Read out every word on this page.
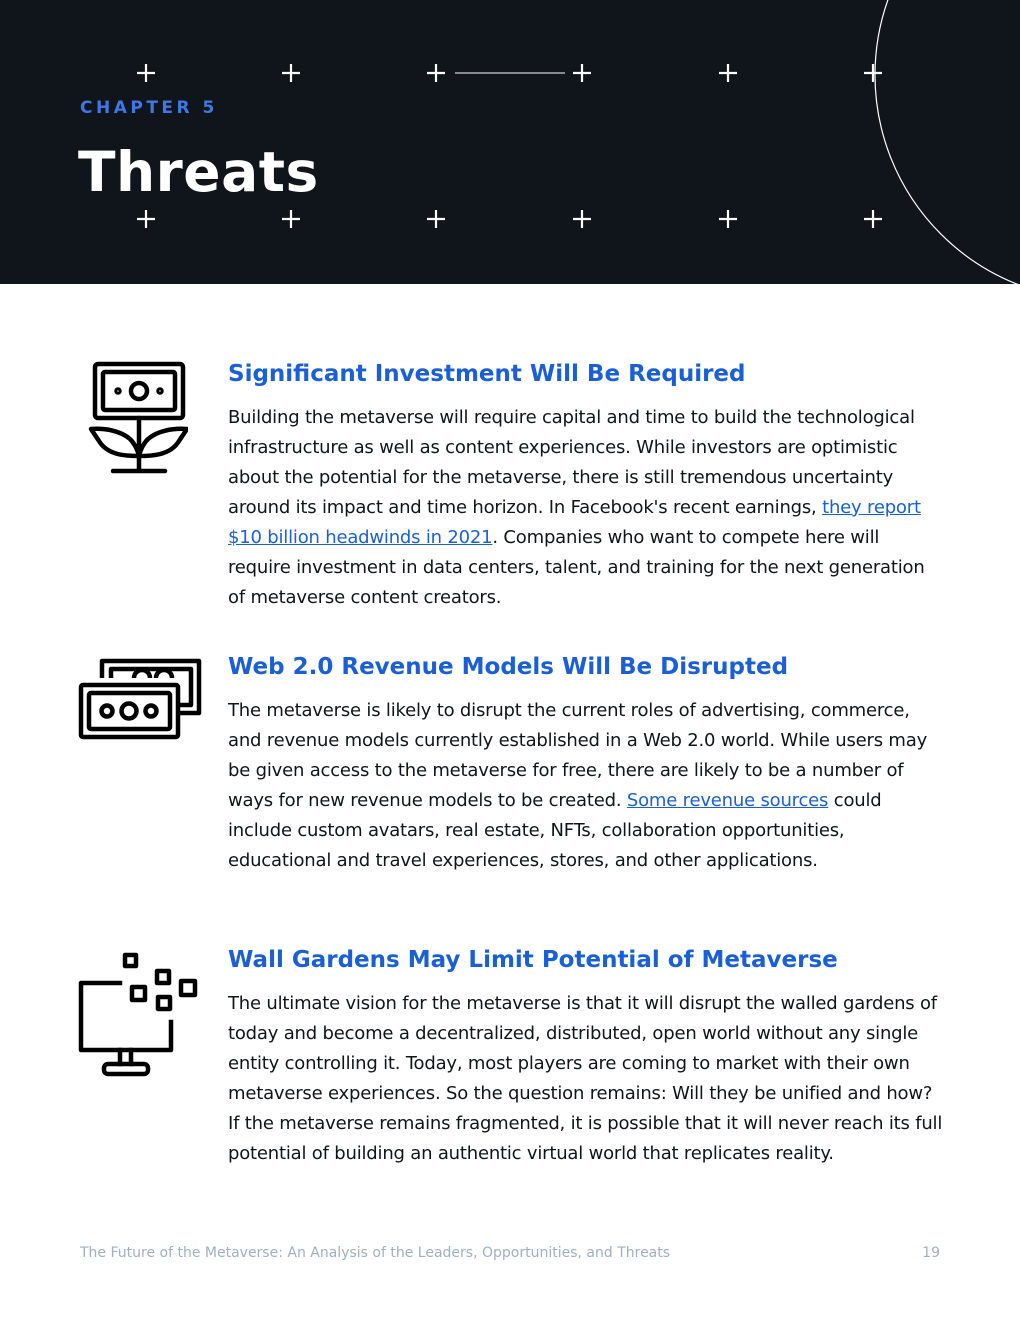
CHAPTER 5
Threats
Significant Investment Will Be Required

Building the metaverse will require capital and time to build the technological infrastructure as well as content experiences. While investors are optimistic about the potential for the metaverse, there is still tremendous uncertainty around its impact and time horizon. In Facebook's recent earnings, they report $10 billion headwinds in 2021. Companies who want to compete here will require investment in data centers, talent, and training for the next generation of metaverse content creators.

Web 2.0 Revenue Models Will Be Disrupted

The metaverse is likely to disrupt the current roles of advertising, commerce, and revenue models currently established in a Web 2.0 world. While users may be given access to the metaverse for free, there are likely to be a number of ways for new revenue models to be created. Some revenue sources could include custom avatars, real estate, NFTs, collaboration opportunities, educational and travel experiences, stores, and other applications.

Wall Gardens May Limit Potential of Metaverse

The ultimate vision for the metaverse is that it will disrupt the walled gardens of today and become a decentralized, distributed, open world without any single entity controlling it. Today, most players are coming to market with their own metaverse experiences. So the question remains: Will they be unified and how? If the metaverse remains fragmented, it is possible that it will never reach its full potential of building an authentic virtual world that replicates reality.

The Future of the Metaverse: An Analysis of the Leaders, Opportunities, and Threats	19
